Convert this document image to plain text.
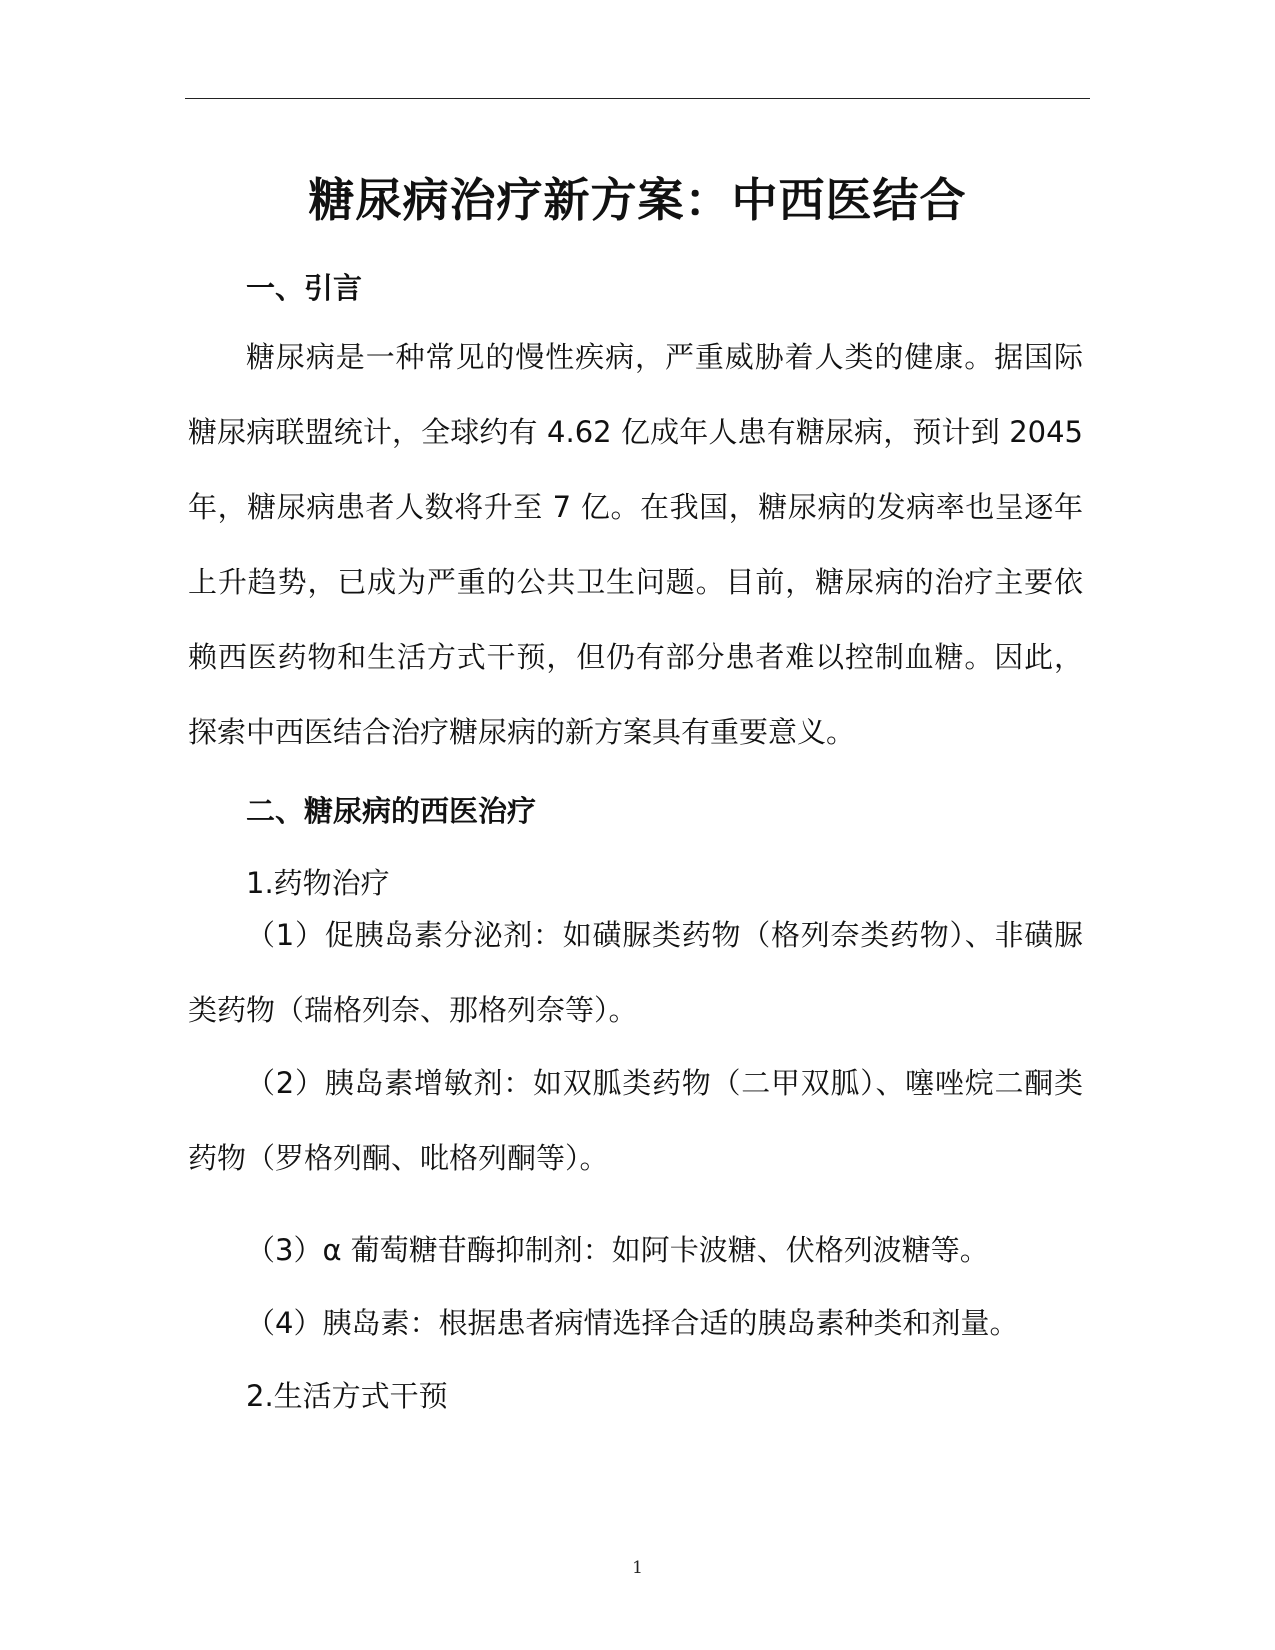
糖尿病治疗新方案：中西医结合

一、引言

糖尿病是一种常见的慢性疾病，严重威胁着人类的健康。据国际糖尿病联盟统计，全球约有 4.62 亿成年人患有糖尿病，预计到 2045 年，糖尿病患者人数将升至 7 亿。在我国，糖尿病的发病率也呈逐年上升趋势，已成为严重的公共卫生问题。目前，糖尿病的治疗主要依赖西医药物和生活方式干预，但仍有部分患者难以控制血糖。因此，探索中西医结合治疗糖尿病的新方案具有重要意义。

二、糖尿病的西医治疗

1.药物治疗

（1）促胰岛素分泌剂：如磺脲类药物（格列奈类药物）、非磺脲类药物（瑞格列奈、那格列奈等）。

（2）胰岛素增敏剂：如双胍类药物（二甲双胍）、噻唑烷二酮类药物（罗格列酮、吡格列酮等）。

（3）α 葡萄糖苷酶抑制剂：如阿卡波糖、伏格列波糖等。

（4）胰岛素：根据患者病情选择合适的胰岛素种类和剂量。

2.生活方式干预

1
